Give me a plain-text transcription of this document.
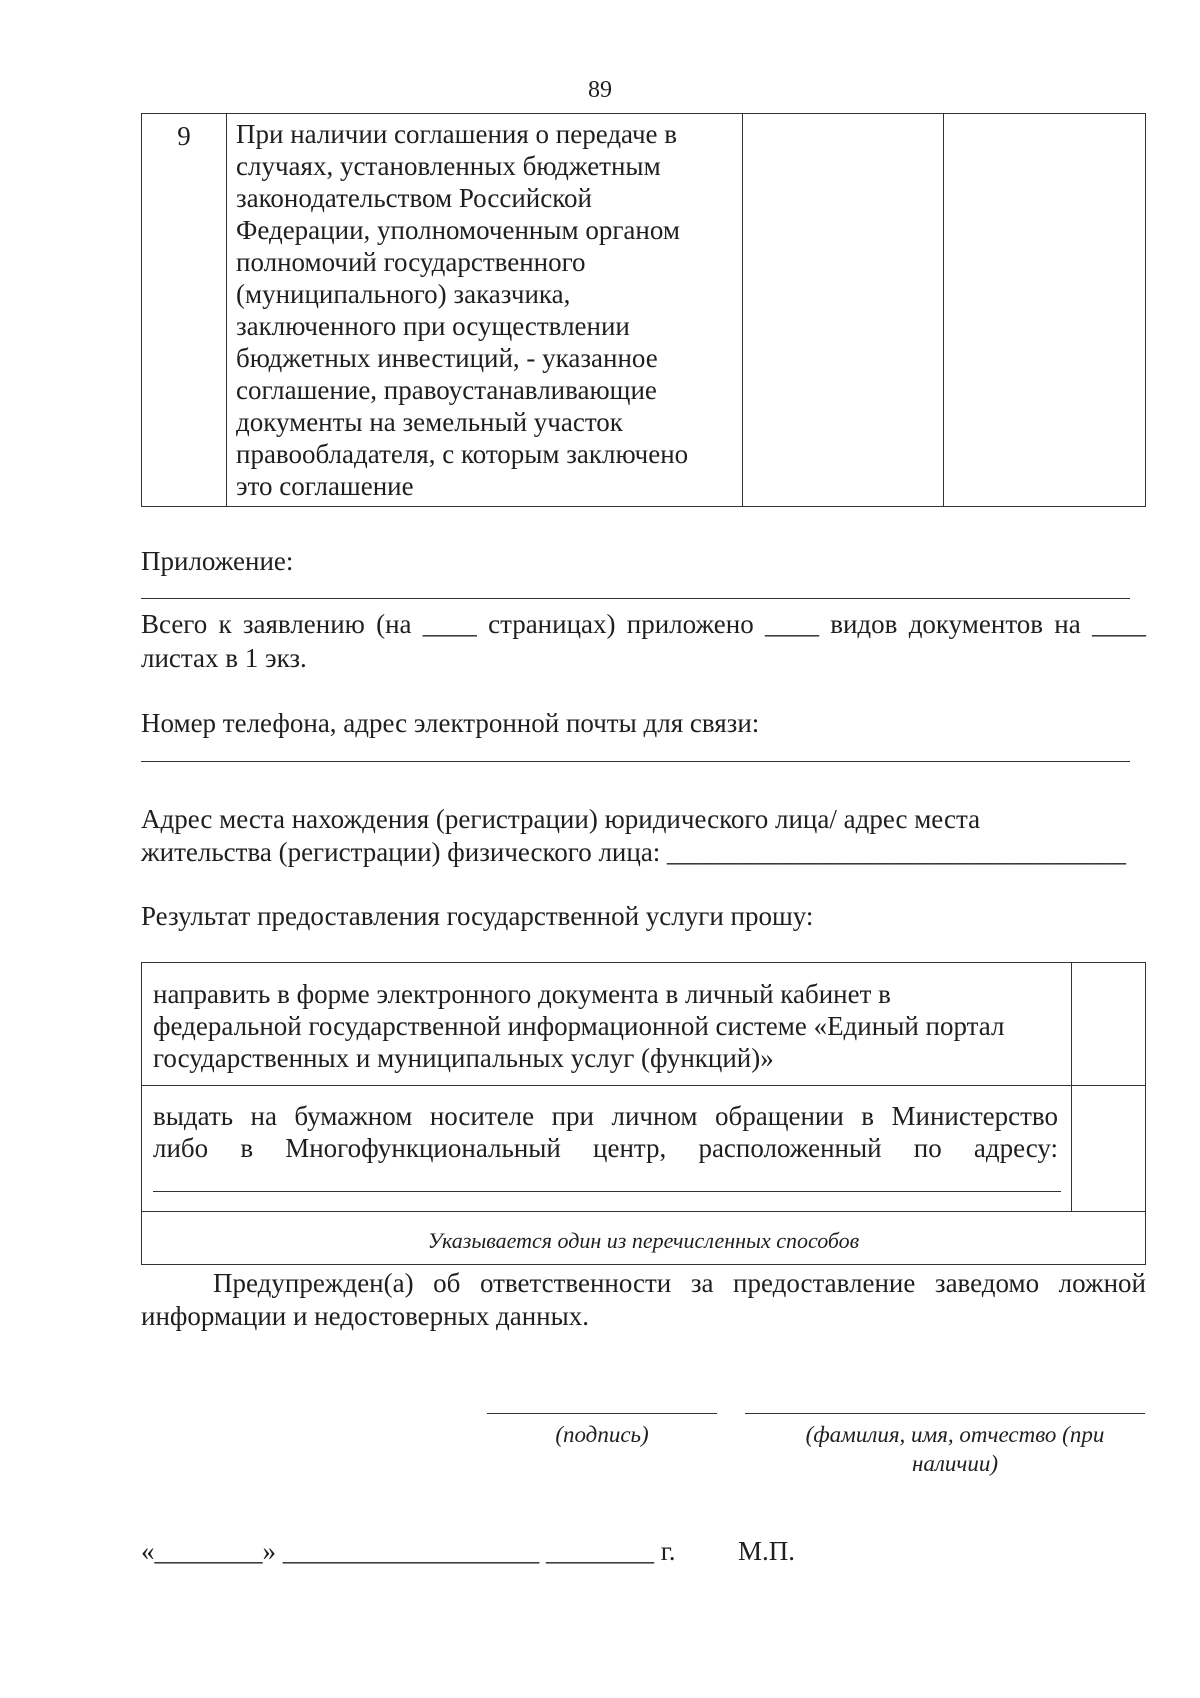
89
9	При наличии соглашения о передаче в
случаях, установленных бюджетным
законодательством Российской
Федерации, уполномоченным органом
полномочий государственного
(муниципального) заказчика,
заключенного при осуществлении
бюджетных инвестиций, - указанное
соглашение, правоустанавливающие
документы на земельный участок
правообладателя, с которым заключено
это соглашение
Приложение:
Всего к заявлению (на ____ страницах) приложено ____ видов документов на ____
листах в 1 экз.
Номер телефона, адрес электронной почты для связи:
Адрес места нахождения (регистрации) юридического лица/ адрес места
жительства (регистрации) физического лица: __________________________________
Результат предоставления государственной услуги прошу:
направить в форме электронного документа в личный кабинет в
федеральной государственной информационной системе «Единый портал
государственных и муниципальных услуг (функций)»
выдать на бумажном носителе при личном обращении в Министерство
либо в Многофункциональный центр, расположенный по адресу:
Указывается один из перечисленных способов
Предупрежден(а) об ответственности за предоставление заведомо ложной
информации и недостоверных данных.
(подпись)	(фамилия, имя, отчество (при
наличии)
«________» ___________________ ________ г. М.П.
